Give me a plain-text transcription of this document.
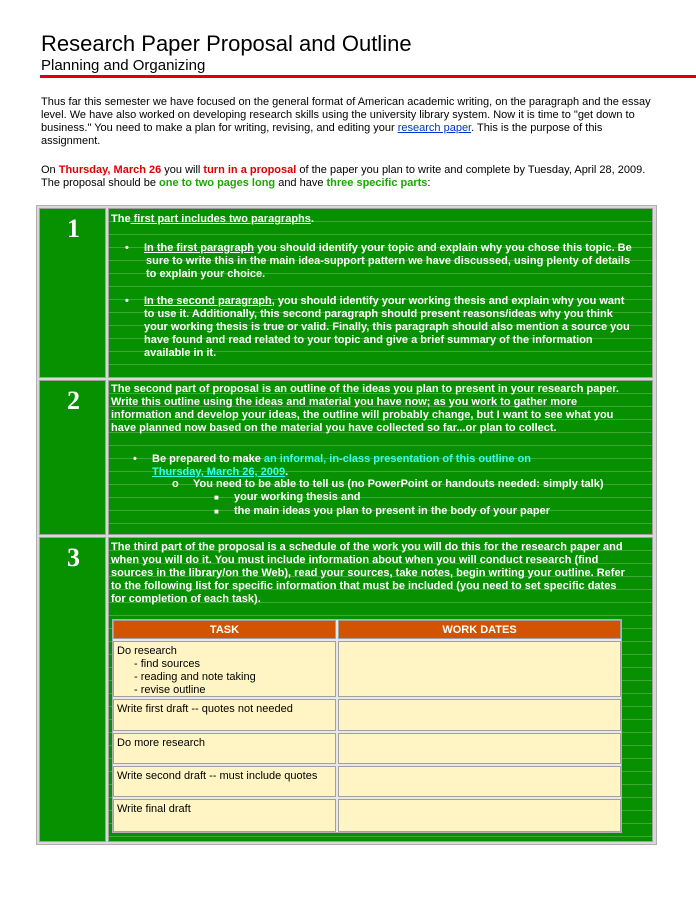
Research Paper Proposal and Outline
Planning and Organizing
Thus far this semester we have focused on the general format of American academic writing, on the paragraph and the essay level. We have also worked on developing research skills using the university library system. Now it is time to "get down to business." You need to make a plan for writing, revising, and editing your research paper. This is the purpose of this assignment.
On Thursday, March 26 you will turn in a proposal of the paper you plan to write and complete by Tuesday, April 28, 2009. The proposal should be one to two pages long and have three specific parts:
1	The first part includes two paragraphs.
• In the first paragraph you should identify your topic and explain why you chose this topic. Be
sure to write this in the main idea-support pattern we have discussed, using plenty of details
to explain your choice.
• In the second paragraph, you should identify your working thesis and explain why you want
to use it. Additionally, this second paragraph should present reasons/ideas why you think
your working thesis is true or valid. Finally, this paragraph should also mention a source you
have found and read related to your topic and give a brief summary of the information
available in it.
2	The second part of proposal is an outline of the ideas you plan to present in your research paper.
Write this outline using the ideas and material you have now; as you work to gather more
information and develop your ideas, the outline will probably change, but I want to see what you
have planned now based on the material you have collected so far...or plan to collect.
• Be prepared to make an informal, in-class presentation of this outline on
Thursday, March 26, 2009.
o You need to be able to tell us (no PowerPoint or handouts needed: simply talk)
■ your working thesis and
■ the main ideas you plan to present in the body of your paper
3	The third part of the proposal is a schedule of the work you will do this for the research paper and
when you will do it. You must include information about when you will conduct research (find
sources in the library/on the Web), read your sources, take notes, begin writing your outline. Refer
to the following list for specific information that must be included (you need to set specific dates
for completion of each task).
TASK	WORK DATES
Do research
- find sources
- reading and note taking
- revise outline
Write first draft -- quotes not needed
Do more research
Write second draft -- must include quotes
Write final draft
